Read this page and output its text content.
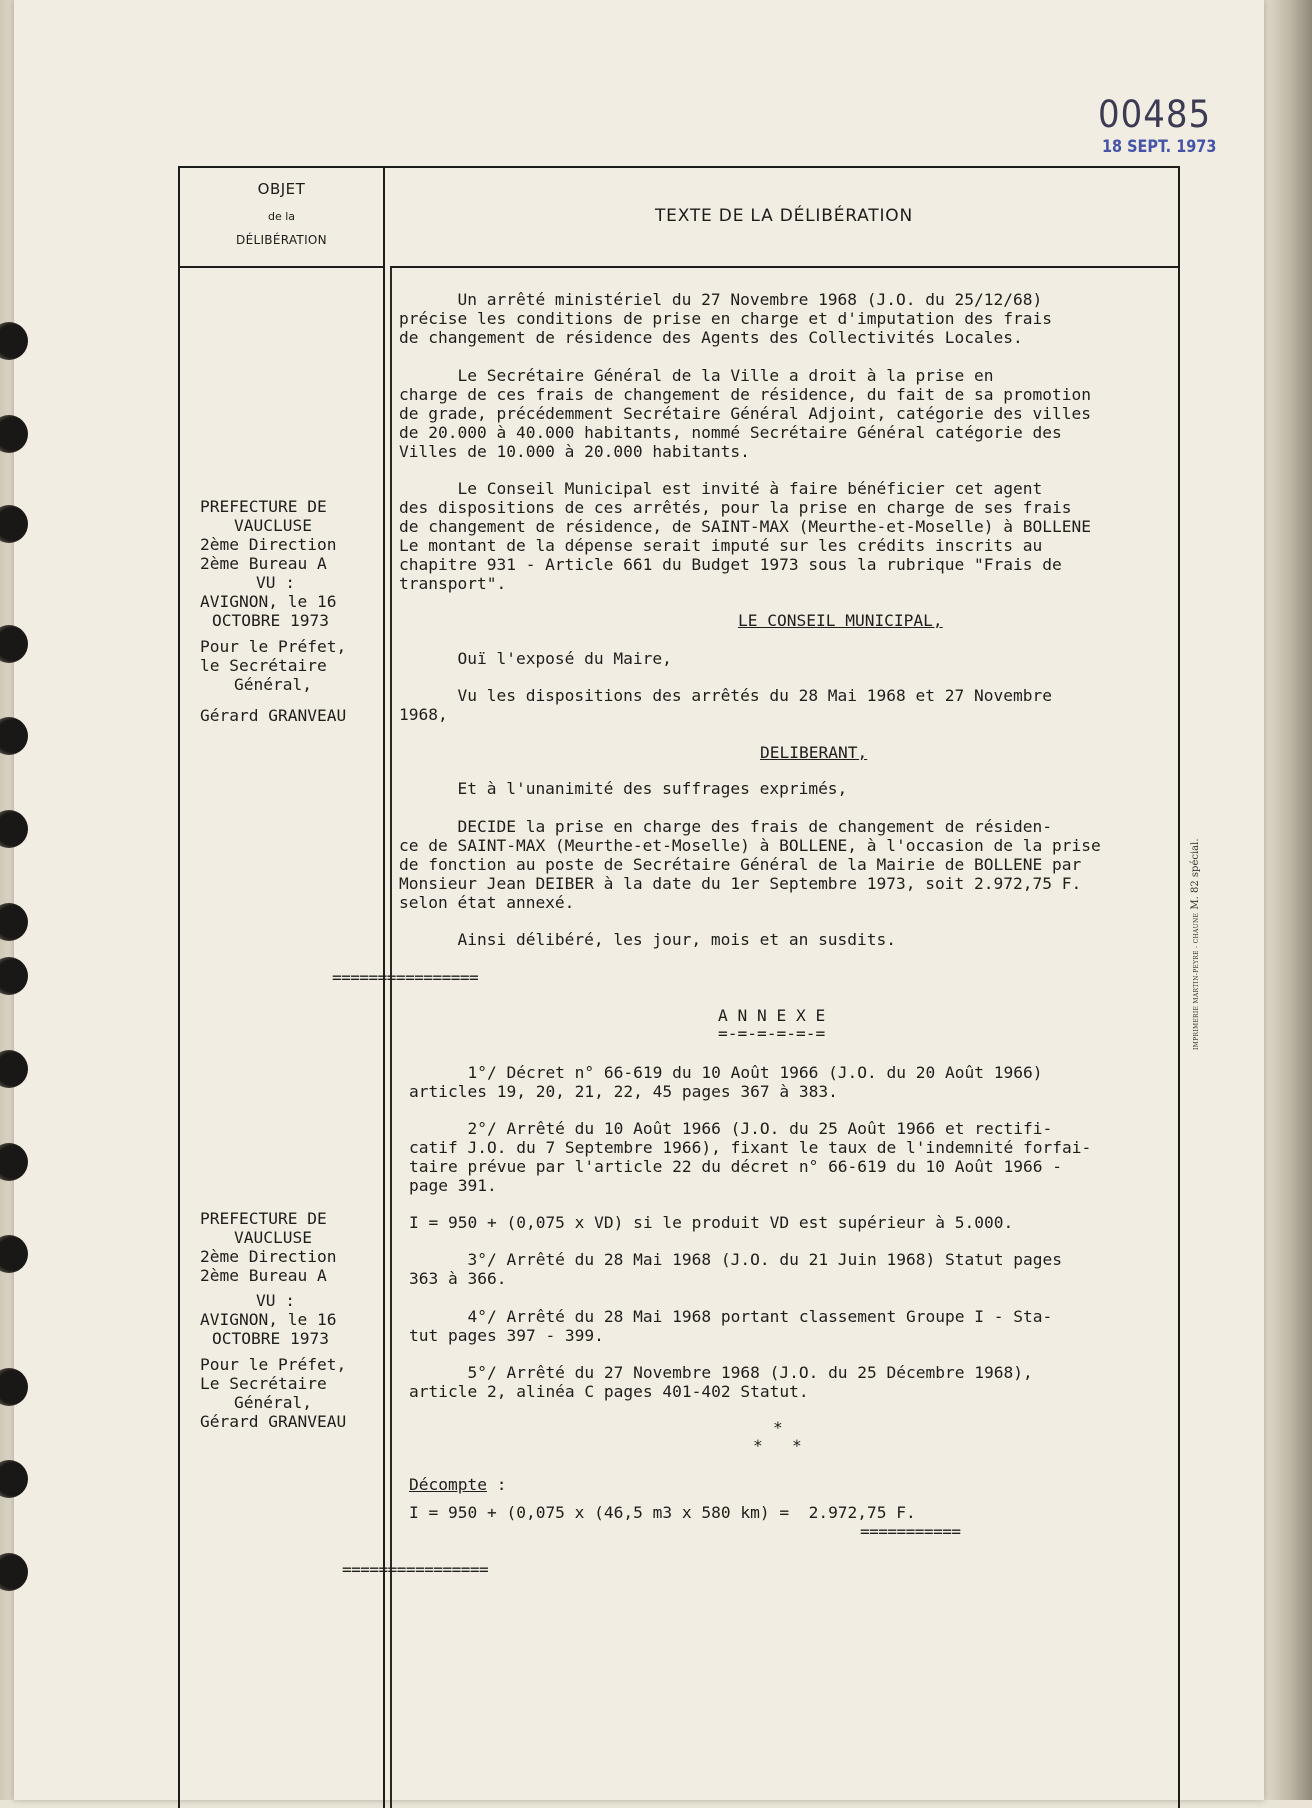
00485
18 SEPT. 1973
OBJET
de la
DÉLIBÉRATION
TEXTE DE LA DÉLIBÉRATION
PREFECTURE DE
VAUCLUSE
2ème Direction
2ème Bureau A
VU :
AVIGNON, le 16
OCTOBRE 1973
Pour le Préfet,
le Secrétaire
Général,
Gérard GRANVEAU
PREFECTURE DE
VAUCLUSE
2ème Direction
2ème Bureau A
VU :
AVIGNON, le 16
OCTOBRE 1973
Pour le Préfet,
Le Secrétaire
Général,
Gérard GRANVEAU
Un arrêté ministériel du 27 Novembre 1968 (J.O. du 25/12/68)
précise les conditions de prise en charge et d'imputation des frais
de changement de résidence des Agents des Collectivités Locales.
Le Secrétaire Général de la Ville a droit à la prise en
charge de ces frais de changement de résidence, du fait de sa promotion
de grade, précédemment Secrétaire Général Adjoint, catégorie des villes
de 20.000 à 40.000 habitants, nommé Secrétaire Général catégorie des
Villes de 10.000 à 20.000 habitants.
Le Conseil Municipal est invité à faire bénéficier cet agent
des dispositions de ces arrêtés, pour la prise en charge de ses frais
de changement de résidence, de SAINT-MAX (Meurthe-et-Moselle) à BOLLENE
Le montant de la dépense serait imputé sur les crédits inscrits au
chapitre 931 - Article 661 du Budget 1973 sous la rubrique "Frais de
transport".
LE CONSEIL MUNICIPAL,
Ouï l'exposé du Maire,
Vu les dispositions des arrêtés du 28 Mai 1968 et 27 Novembre
1968,
DELIBERANT,
Et à l'unanimité des suffrages exprimés,
DECIDE la prise en charge des frais de changement de résiden-
ce de SAINT-MAX (Meurthe-et-Moselle) à BOLLENE, à l'occasion de la prise
de fonction au poste de Secrétaire Général de la Mairie de BOLLENE par
Monsieur Jean DEIBER à la date du 1er Septembre 1973, soit 2.972,75 F.
selon état annexé.
Ainsi délibéré, les jour, mois et an susdits.
================
A N N E X E
=-=-=-=-=-=
1°/ Décret n° 66-619 du 10 Août 1966 (J.O. du 20 Août 1966)
articles 19, 20, 21, 22, 45 pages 367 à 383.
2°/ Arrêté du 10 Août 1966 (J.O. du 25 Août 1966 et rectifi-
catif J.O. du 7 Septembre 1966), fixant le taux de l'indemnité forfai-
taire prévue par l'article 22 du décret n° 66-619 du 10 Août 1966 -
page 391.
I = 950 + (0,075 x VD) si le produit VD est supérieur à 5.000.
3°/ Arrêté du 28 Mai 1968 (J.O. du 21 Juin 1968) Statut pages
363 à 366.
4°/ Arrêté du 28 Mai 1968 portant classement Groupe I - Sta-
tut pages 397 - 399.
5°/ Arrêté du 27 Novembre 1968 (J.O. du 25 Décembre 1968),
article 2, alinéa C pages 401-402 Statut.
*
*   *
Décompte :
I = 950 + (0,075 x (46,5 m3 x 580 km) =  2.972,75 F.
===========
================
IMPRIMERIE MARTIN-PEYRE - CHAUNE M. 82 spécial.
